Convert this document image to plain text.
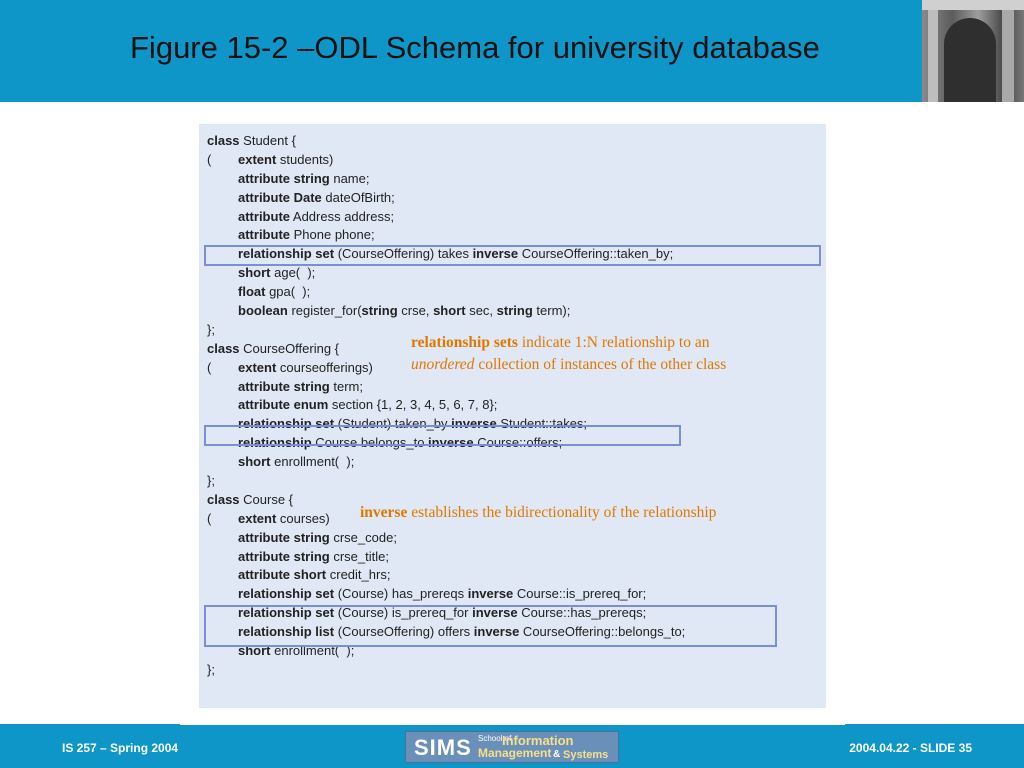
Figure 15-2 –ODL Schema for university database
class Student {
( extent students)
attribute string name;
attribute Date dateOfBirth;
attribute Address address;
attribute Phone phone;
relationship set (CourseOffering) takes inverse CourseOffering::taken_by;
short age(  );
float gpa(  );
boolean register_for(string crse, short sec, string term);
};
class CourseOffering {
( extent courseofferings)
attribute string term;
attribute enum section {1, 2, 3, 4, 5, 6, 7, 8};
relationship set (Student) taken_by inverse Student::takes;
relationship Course belongs_to inverse Course::offers;
short enrollment(  );
};
class Course {
( extent courses)
attribute string crse_code;
attribute string crse_title;
attribute short credit_hrs;
relationship set (Course) has_prereqs inverse Course::is_prereq_for;
relationship set (Course) is_prereq_for inverse Course::has_prereqs;
relationship list (CourseOffering) offers inverse CourseOffering::belongs_to;
short enrollment(  );
};
relationship sets indicate 1:N relationship to an
unordered collection of instances of the other class
inverse establishes the bidirectionality of the relationship
IS 257 – Spring 2004	SIMS School of
Information
Management & Systems	2004.04.22 - SLIDE 35
